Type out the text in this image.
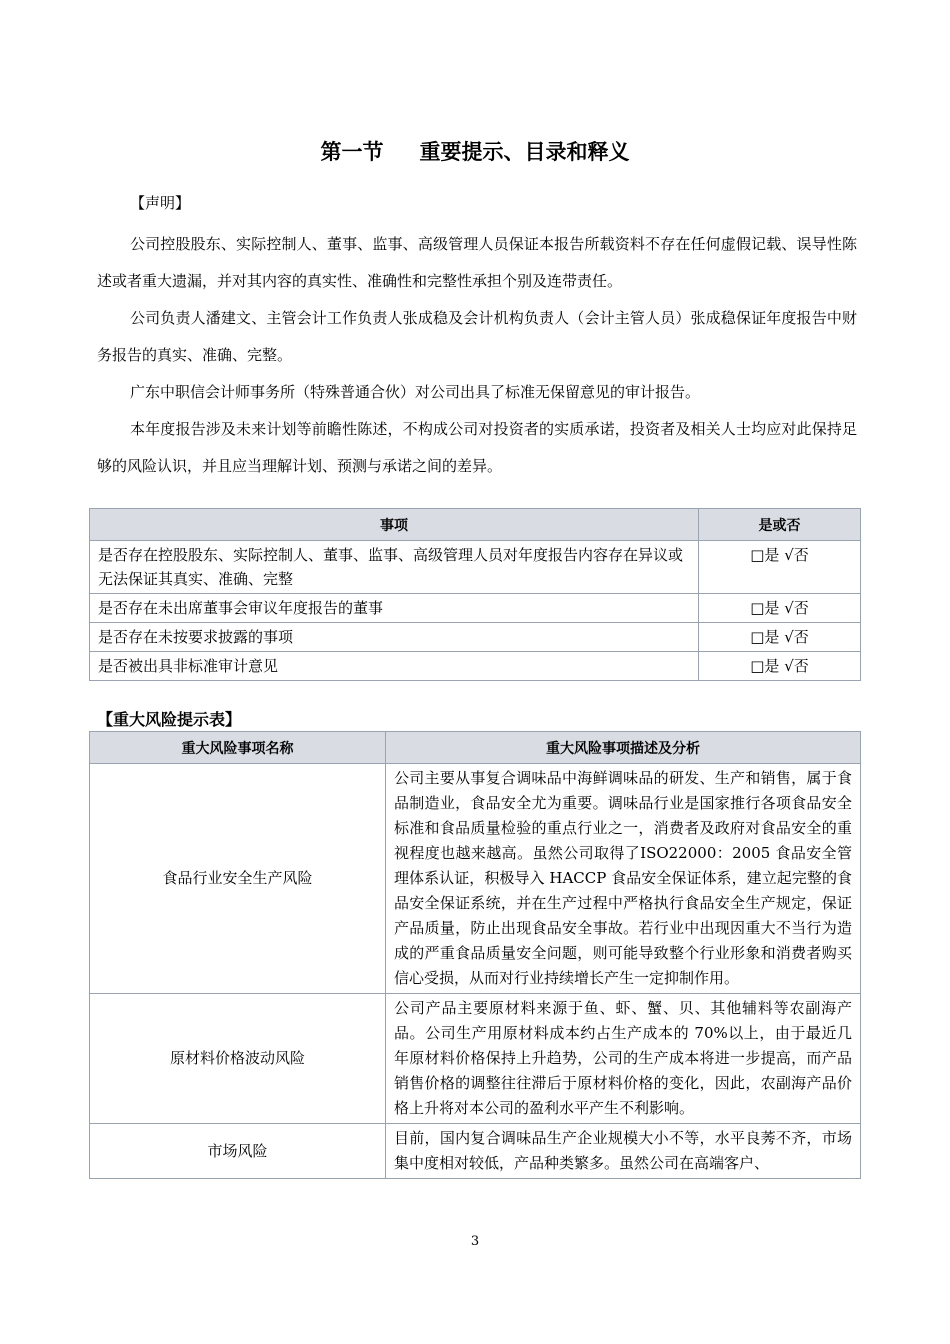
第一节 重要提示、目录和释义
【声明】
公司控股股东、实际控制人、董事、监事、高级管理人员保证本报告所载资料不存在任何虚假记载、误导性陈述或者重大遗漏，并对其内容的真实性、准确性和完整性承担个别及连带责任。
公司负责人潘建文、主管会计工作负责人张成稳及会计机构负责人（会计主管人员）张成稳保证年度报告中财务报告的真实、准确、完整。
广东中职信会计师事务所（特殊普通合伙）对公司出具了标准无保留意见的审计报告。
本年度报告涉及未来计划等前瞻性陈述，不构成公司对投资者的实质承诺，投资者及相关人士均应对此保持足够的风险认识，并且应当理解计划、预测与承诺之间的差异。
事项	是或否
是否存在控股股东、实际控制人、董事、监事、高级管理人员对年度报告内容存在异议或无法保证其真实、准确、完整	□是 √否
是否存在未出席董事会审议年度报告的董事	□是 √否
是否存在未按要求披露的事项	□是 √否
是否被出具非标准审计意见	□是 √否
【重大风险提示表】
重大风险事项名称	重大风险事项描述及分析
食品行业安全生产风险	公司主要从事复合调味品中海鲜调味品的研发、生产和销售，属于食品制造业，食品安全尤为重要。调味品行业是国家推行各项食品安全标准和食品质量检验的重点行业之一，消费者及政府对食品安全的重视程度也越来越高。虽然公司取得了ISO22000：2005 食品安全管理体系认证，积极导入 HACCP 食品安全保证体系，建立起完整的食品安全保证系统，并在生产过程中严格执行食品安全生产规定，保证产品质量，防止出现食品安全事故。若行业中出现因重大不当行为造成的严重食品质量安全问题，则可能导致整个行业形象和消费者购买信心受损，从而对行业持续增长产生一定抑制作用。
原材料价格波动风险	公司产品主要原材料来源于鱼、虾、蟹、贝、其他辅料等农副海产品。公司生产用原材料成本约占生产成本的 70%以上，由于最近几年原材料价格保持上升趋势，公司的生产成本将进一步提高，而产品销售价格的调整往往滞后于原材料价格的变化，因此，农副海产品价格上升将对本公司的盈利水平产生不利影响。
市场风险	目前，国内复合调味品生产企业规模大小不等，水平良莠不齐，市场集中度相对较低，产品种类繁多。虽然公司在高端客户、
3
